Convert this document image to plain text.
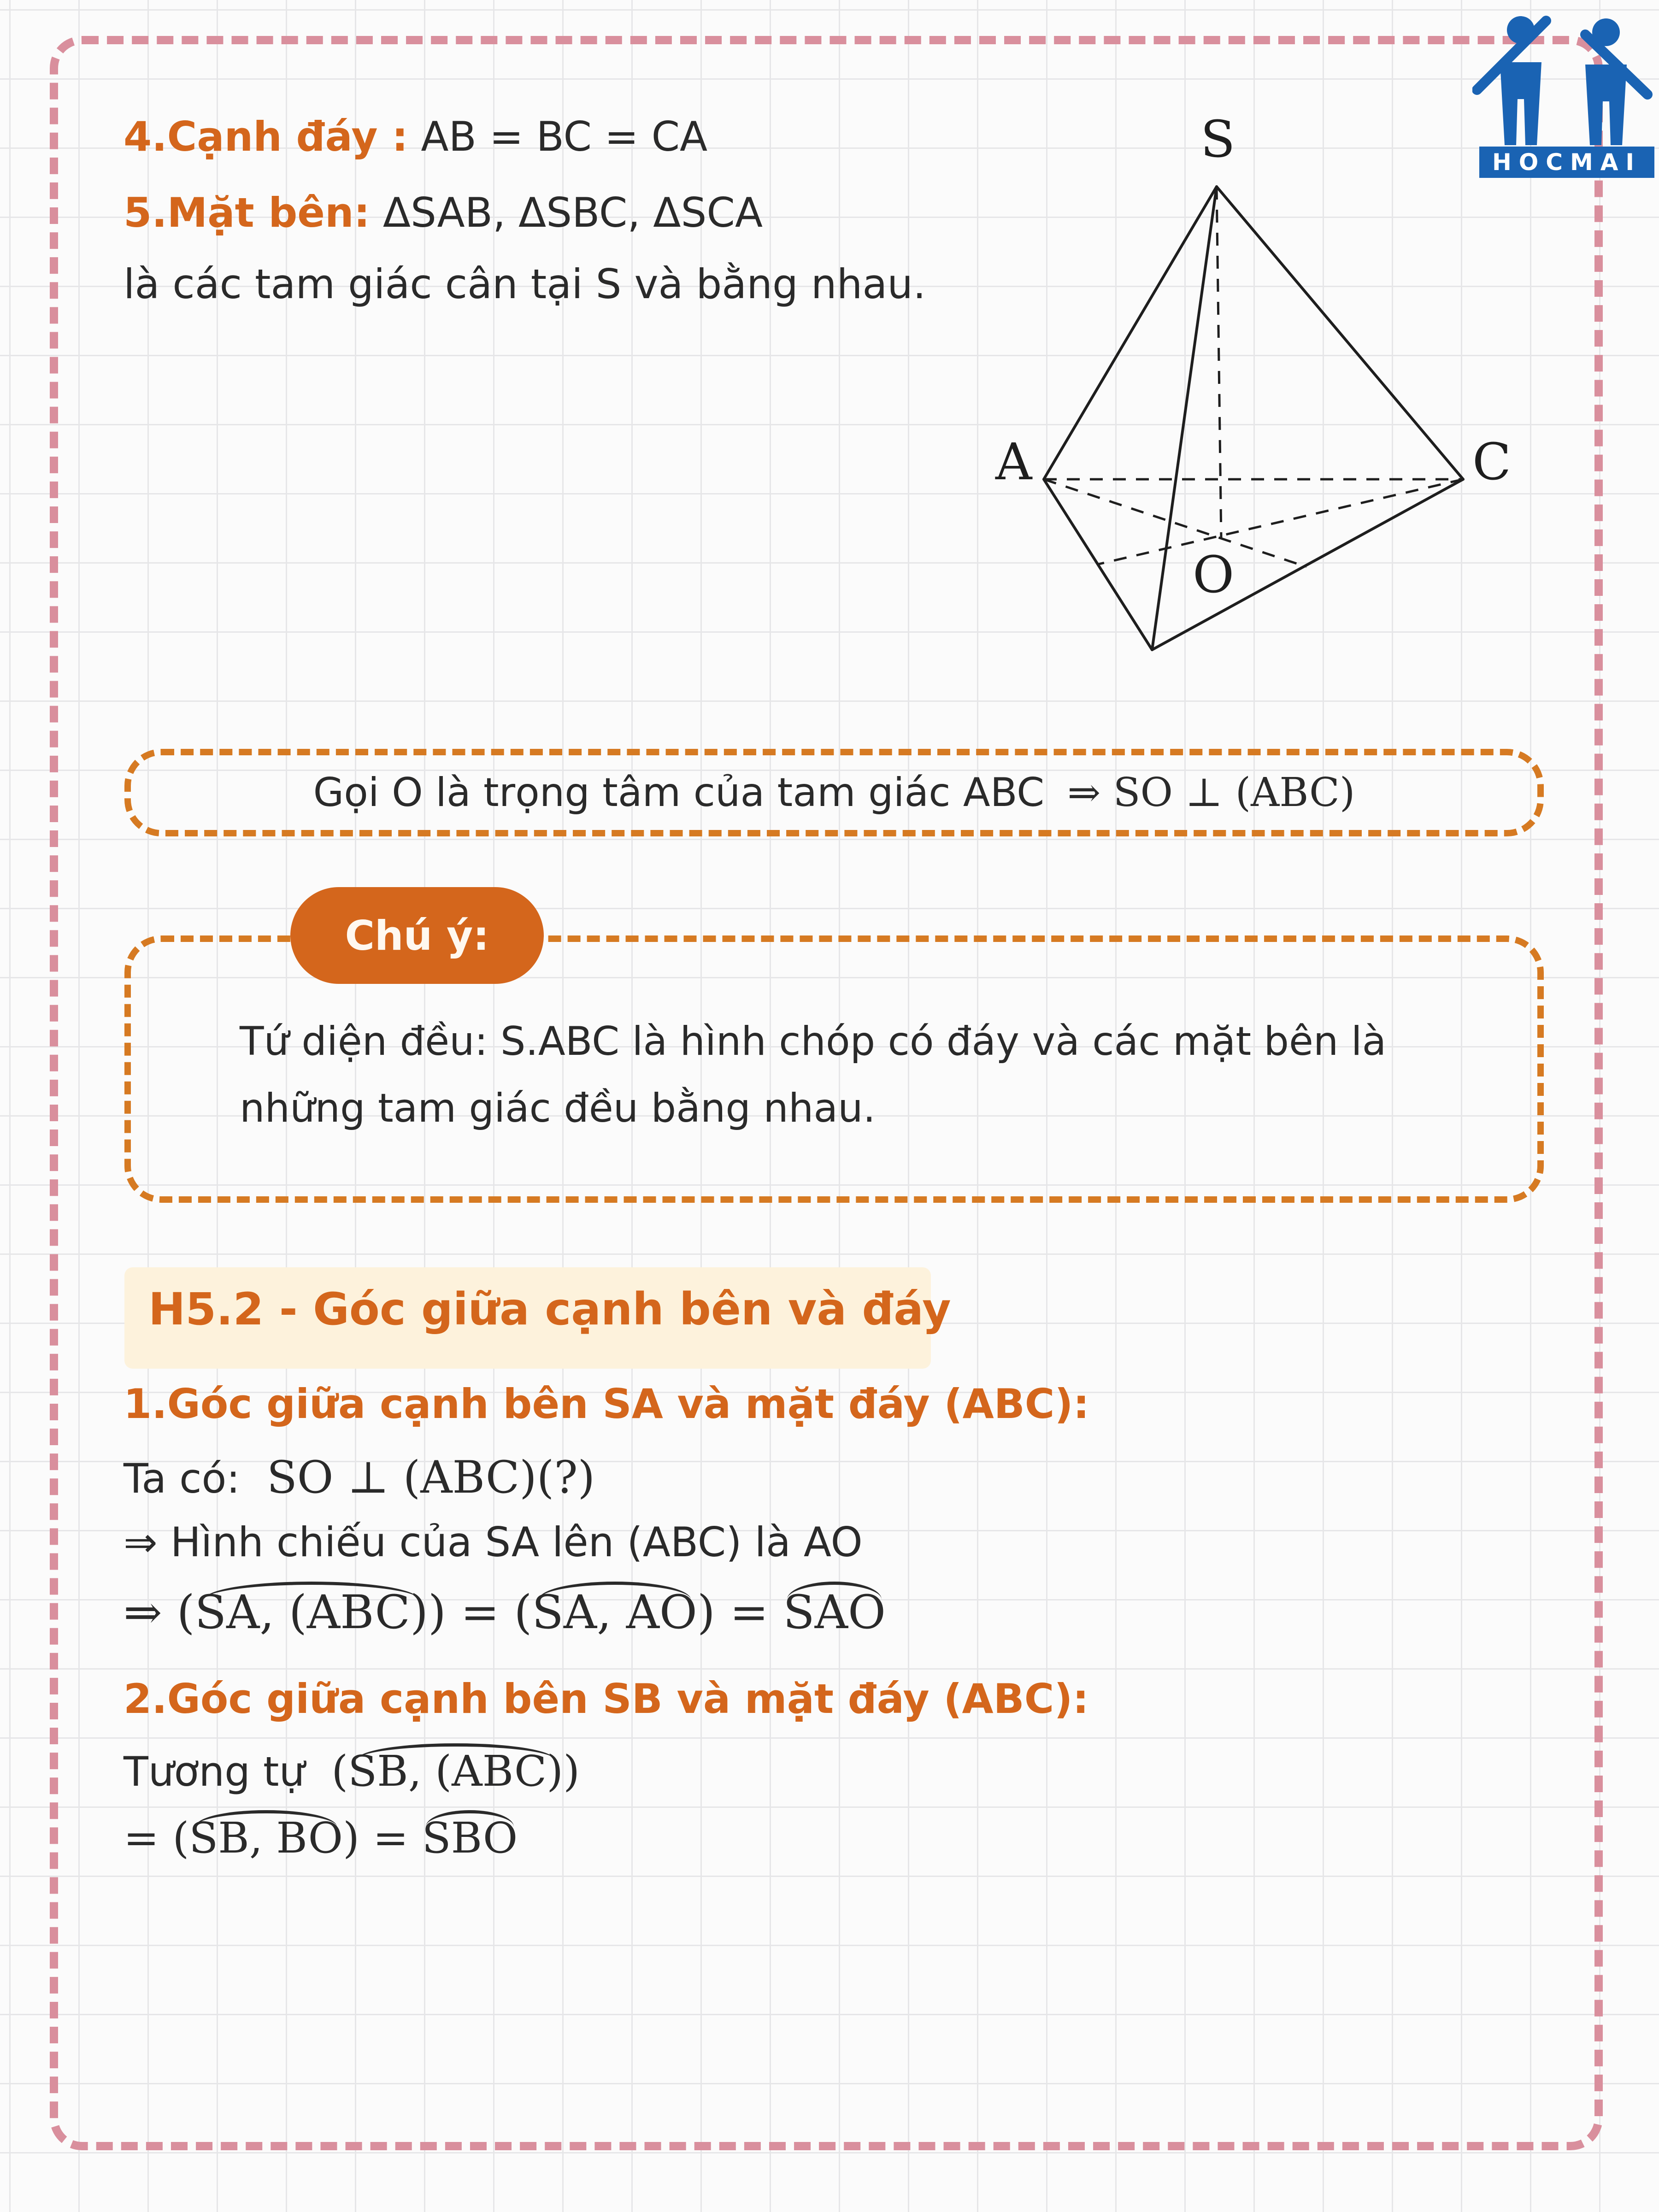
HOCMAI
4.Cạnh đáy : AB = BC = CA
5.Mặt bên: ΔSAB, ΔSBC, ΔSCA
là các tam giác cân tại S và bằng nhau.
S
A	C
O
Gọi O là trọng tâm của tam giác ABC ⇒ SO ⊥ (ABC)
Chú ý:
Tứ diện đều: S.ABC là hình chóp có đáy và các mặt bên là
những tam giác đều bằng nhau.
H5.2 - Góc giữa cạnh bên và đáy
1.Góc giữa cạnh bên SA và mặt đáy (ABC):
Ta có: SO ⊥ (ABC)(?)
⇒ Hình chiếu của SA lên (ABC) là AO
⇒ (SA, (ABC)) = (SA, AO) = SAO
2.Góc giữa cạnh bên SB và mặt đáy (ABC):
Tương tự (SB, (ABC))
= (SB, BO) = SBO
